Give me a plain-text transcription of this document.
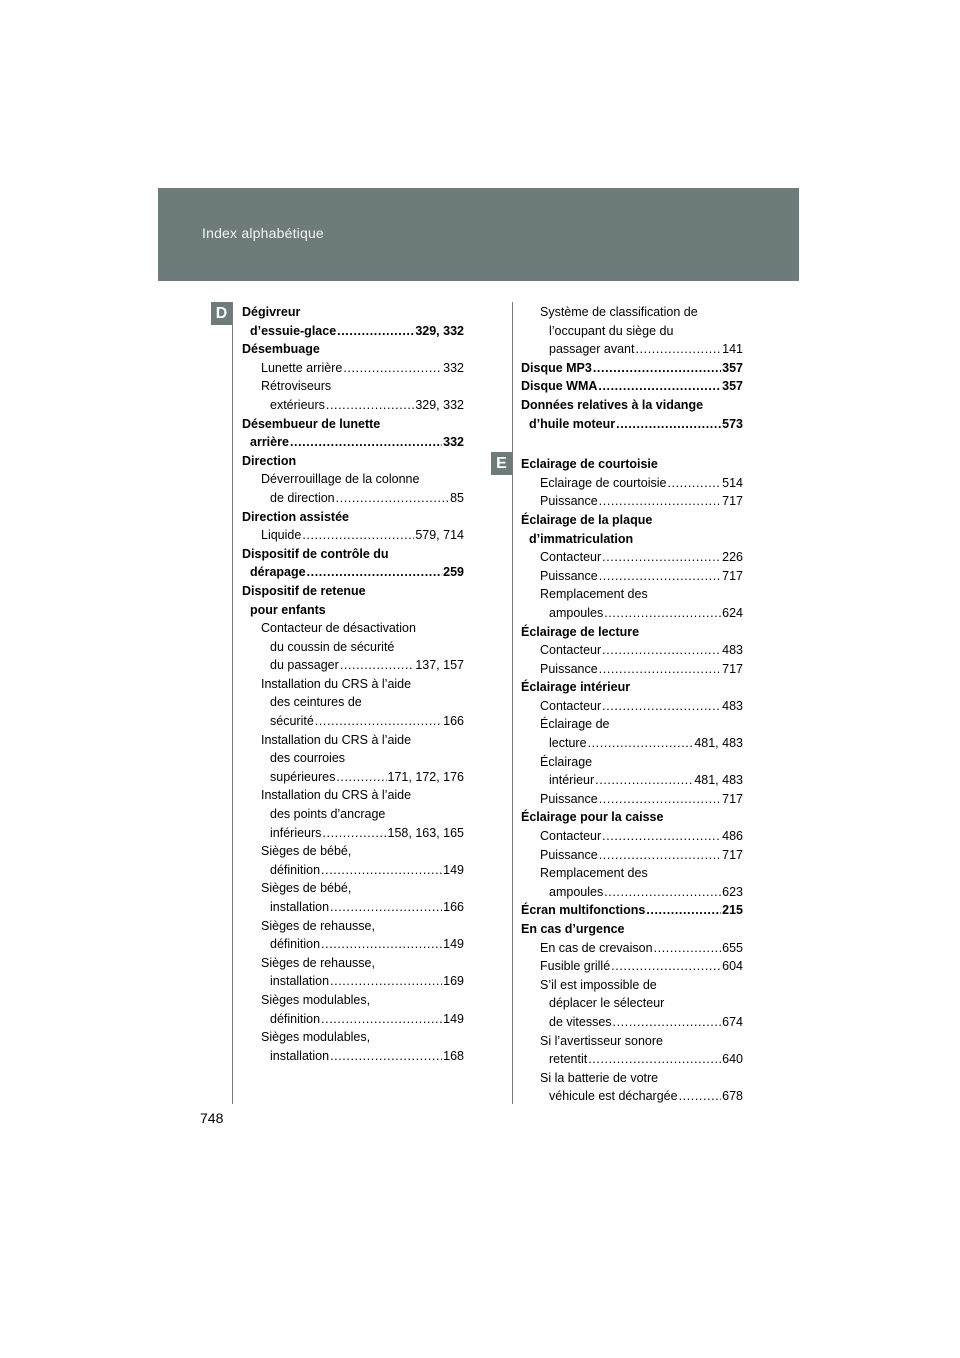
Index alphabétique
D
E
Dégivreur
d’essuie-glace .....	329, 332
Désembuage
Lunette arrière .....	332
Rétroviseurs
extérieurs .....	329, 332
Désembueur de lunette
arrière .....	332
Direction
Déverrouillage de la colonne
de direction .....	85
Direction assistée
Liquide .....	579, 714
Dispositif de contrôle du
dérapage .....	259
Dispositif de retenue
pour enfants
Contacteur de désactivation
du coussin de sécurité
du passager .....	137, 157
Installation du CRS à l’aide
des ceintures de
sécurité .....	166
Installation du CRS à l’aide
des courroies
supérieures .....	171, 172, 176
Installation du CRS à l’aide
des points d’ancrage
inférieurs .....	158, 163, 165
Sièges de bébé,
définition .....	149
Sièges de bébé,
installation .....	166
Sièges de rehausse,
définition .....	149
Sièges de rehausse,
installation .....	169
Sièges modulables,
définition .....	149
Sièges modulables,
installation .....	168
Système de classification de
l’occupant du siège du
passager avant .....	141
Disque MP3 .....	357
Disque WMA .....	357
Données relatives à la vidange
d’huile moteur .....	573
Eclairage de courtoisie
Eclairage de courtoisie .....	514
Puissance .....	717
Éclairage de la plaque
d’immatriculation
Contacteur .....	226
Puissance .....	717
Remplacement des
ampoules .....	624
Éclairage de lecture
Contacteur .....	483
Puissance .....	717
Éclairage intérieur
Contacteur .....	483
Éclairage de
lecture .....	481, 483
Éclairage
intérieur .....	481, 483
Puissance .....	717
Éclairage pour la caisse
Contacteur .....	486
Puissance .....	717
Remplacement des
ampoules .....	623
Écran multifonctions .....	215
En cas d’urgence
En cas de crevaison .....	655
Fusible grillé .....	604
S’il est impossible de
déplacer le sélecteur
de vitesses .....	674
Si l’avertisseur sonore
retentit .....	640
Si la batterie de votre
véhicule est déchargée .....	678
748
